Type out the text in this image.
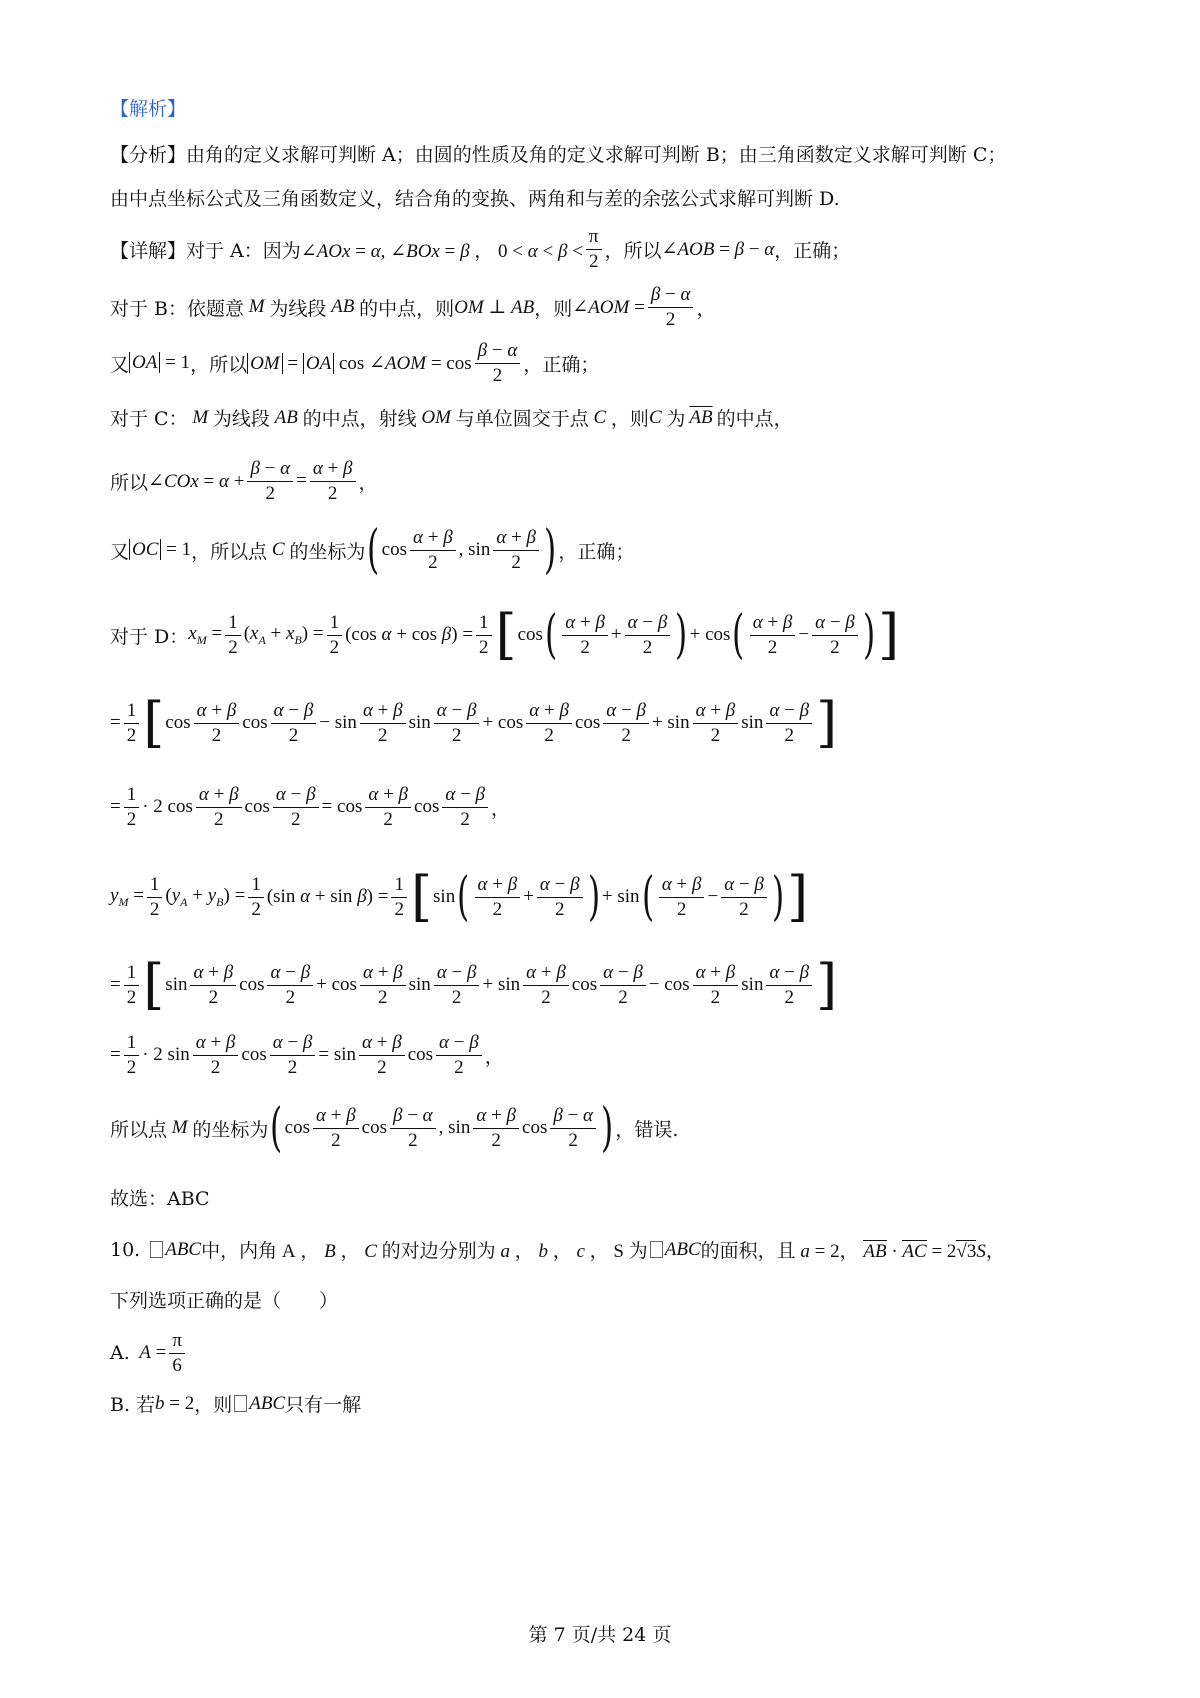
【解析】
【分析】 由角的定义求解可判断 A；由圆的性质及角的定义求解可判断 B；由三角函数定义求解可判断 C；
由中点坐标公式及三角函数定义，结合角的变换、两角和与差的余弦公式求解可判断 D.
【详解】 对于 A：因为 ∠AOx = α, ∠BOx = β ， $0 < \alpha < \beta < \frac{\pi}{2}$ ，所以 ∠AOB = β − α ，正确；
对于 B：依题意 M 为线段 AB 的中点，则 OM ⊥ AB ，则 ∠AOM = $\frac{\beta - \alpha}{2}$ ，
又 OA = 1 ，所以 OM = OA cos ∠AOM = $\cos \frac{\beta - \alpha}{2}$ ，正确；
对于 C： M 为线段 AB 的中点，射线 OM 与单位圆交于点 C ，则 C 为 $\overline{AB}$ 的中点，
所以 ∠COx = $\alpha + \frac{\beta - \alpha}{2} = \frac{\alpha + \beta}{2}$ ，
又 OC = 1 ，所以点 C 的坐标为 ( $\cos \frac{\alpha + \beta}{2}$ , $\sin \frac{\alpha + \beta}{2}$ ) ，正确；
对于 D： $x_M = \frac{1}{2} (x_A + x_B) = \frac{1}{2} (\cos$ $\alpha + \cos \beta) = \frac{1}{2}$ [ cos ( $\frac{\alpha + \beta}{2} + \frac{\alpha - \beta}{2}$ ) + cos ( $\frac{\alpha + \beta}{2} - \frac{\alpha - \beta}{2}$ ) ]
= $\frac{1}{2}$ [ $\cos \frac{\alpha + \beta}{2}$ $\cos \frac{\alpha - \beta}{2} - \sin \frac{\alpha + \beta}{2}$ $\sin \frac{\alpha - \beta}{2} + \cos \frac{\alpha + \beta}{2}$ $\cos \frac{\alpha - \beta}{2} + \sin \frac{\alpha + \beta}{2}$ $\sin \frac{\alpha - \beta}{2}$ ]
= $\frac{1}{2} \cdot 2$ $\cos \frac{\alpha + \beta}{2}$ $\cos \frac{\alpha - \beta}{2} = \cos \frac{\alpha + \beta}{2}$ $\cos \frac{\alpha - \beta}{2}$ ，
$y_M = \frac{1}{2} (y_A + y_B) = \frac{1}{2} (\sin$ $\alpha + \sin \beta) = \frac{1}{2}$ [ sin ( $\frac{\alpha + \beta}{2} + \frac{\alpha - \beta}{2}$ ) + sin ( $\frac{\alpha + \beta}{2} - \frac{\alpha - \beta}{2}$ ) ]
= $\frac{1}{2}$ [ $\sin \frac{\alpha + \beta}{2}$ $\cos \frac{\alpha - \beta}{2} + \cos \frac{\alpha + \beta}{2}$ $\sin \frac{\alpha - \beta}{2} + \sin \frac{\alpha + \beta}{2}$ $\cos \frac{\alpha - \beta}{2} - \cos \frac{\alpha + \beta}{2}$ $\sin \frac{\alpha - \beta}{2}$ ]
= $\frac{1}{2} \cdot 2$ $\sin \frac{\alpha + \beta}{2}$ $\cos \frac{\alpha - \beta}{2} = \sin \frac{\alpha + \beta}{2}$ $\cos \frac{\alpha - \beta}{2}$ ，
所以点 M 的坐标为 ( $\cos \frac{\alpha + \beta}{2}$ $\cos \frac{\beta - \alpha}{2}$ , $\sin \frac{\alpha + \beta}{2}$ $\cos \frac{\beta - \alpha}{2}$ ) ，错误.
故选：ABC
10. ABC 中，内角 A ， B ， C 的对边分别为 a ， b ， c ， S 为 ABC 的面积，且 a = 2， AB · AC = 2√3S，
下列选项正确的是（　　）
A. $A = \frac{\pi}{6}$
B. 若 b = 2 ，则 ABC 只有一解
第 7 页/共 24 页
